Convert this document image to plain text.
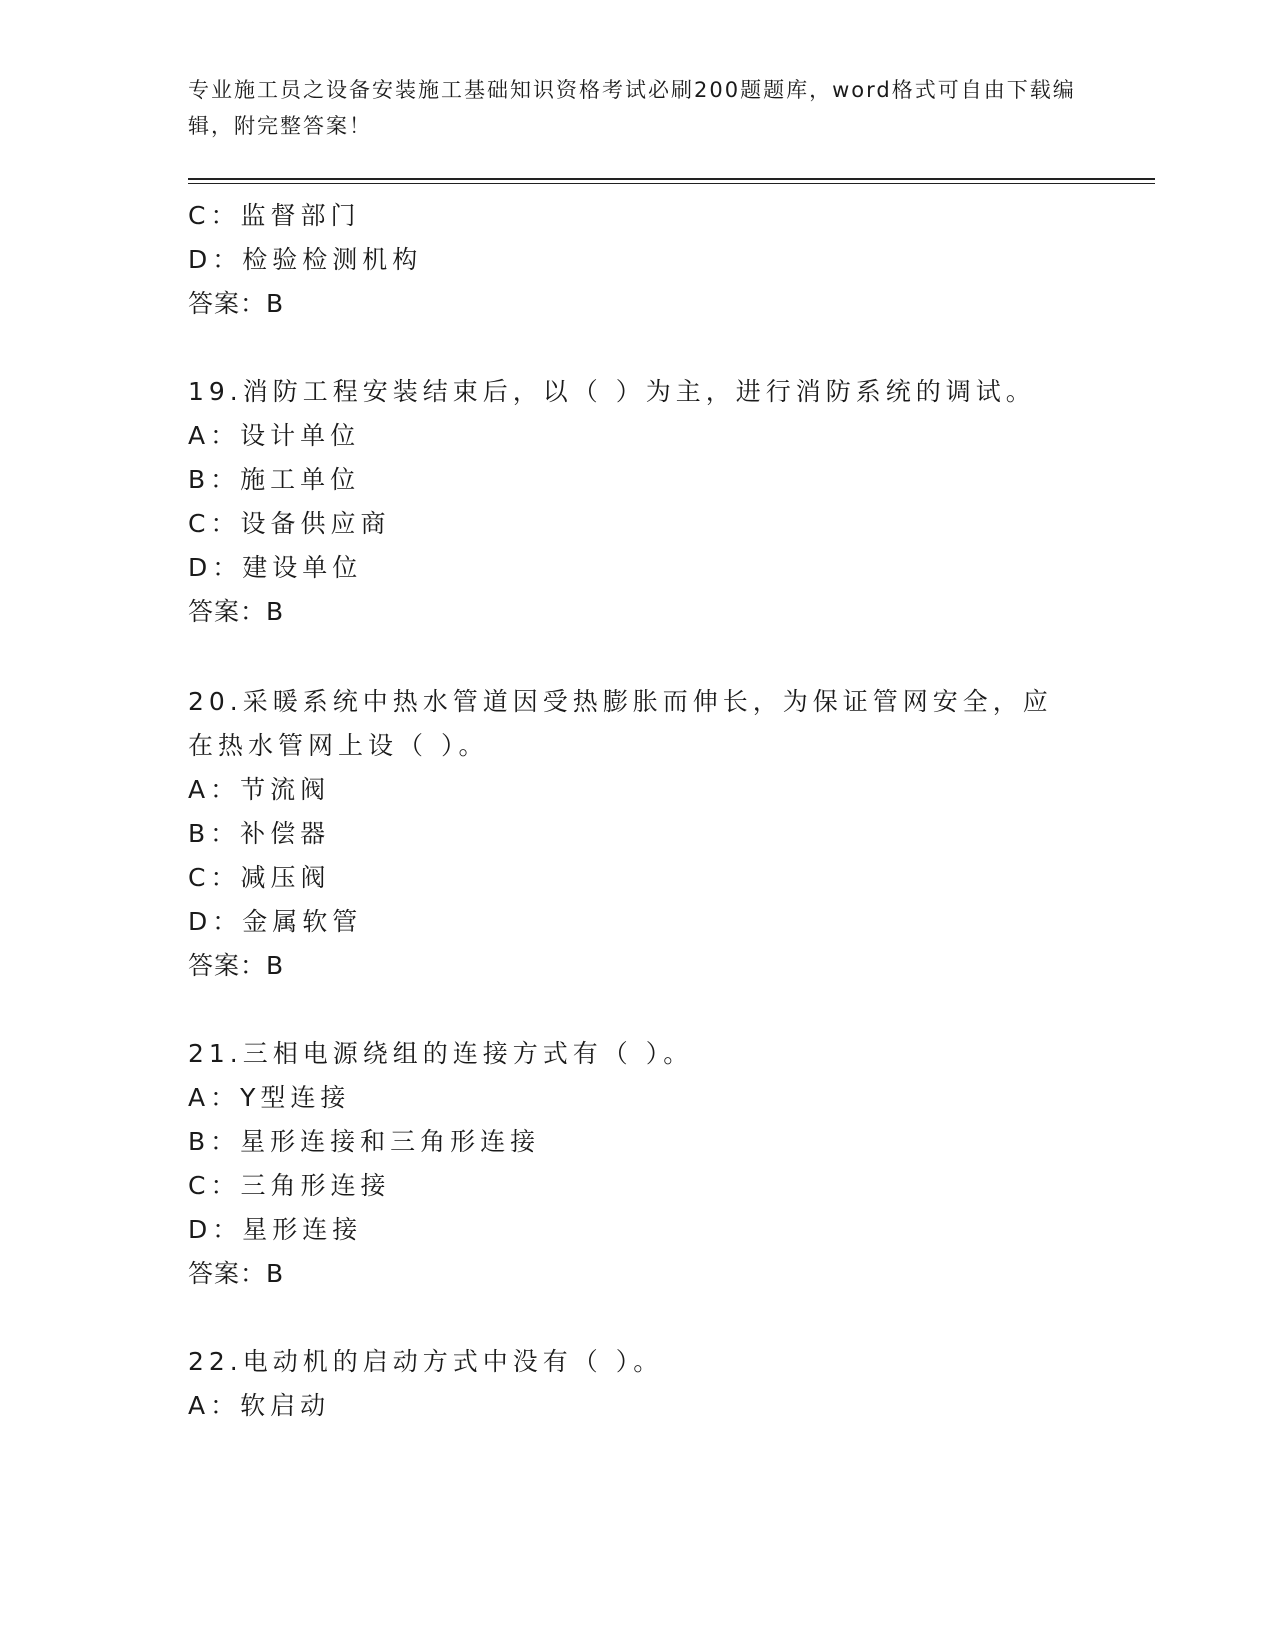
专业施工员之设备安装施工基础知识资格考试必刷200题题库，word格式可自由下载编辑，附完整答案！
C：监督部门
D：检验检测机构
答案：B
19.消防工程安装结束后，以（ ）为主，进行消防系统的调试。
A：设计单位
B：施工单位
C：设备供应商
D：建设单位
答案：B
20.采暖系统中热水管道因受热膨胀而伸长，为保证管网安全，应在热水管网上设（ ）。
A：节流阀
B：补偿器
C：减压阀
D：金属软管
答案：B
21.三相电源绕组的连接方式有（ ）。
A：Y型连接
B：星形连接和三角形连接
C：三角形连接
D：星形连接
答案：B
22.电动机的启动方式中没有（ ）。
A：软启动
